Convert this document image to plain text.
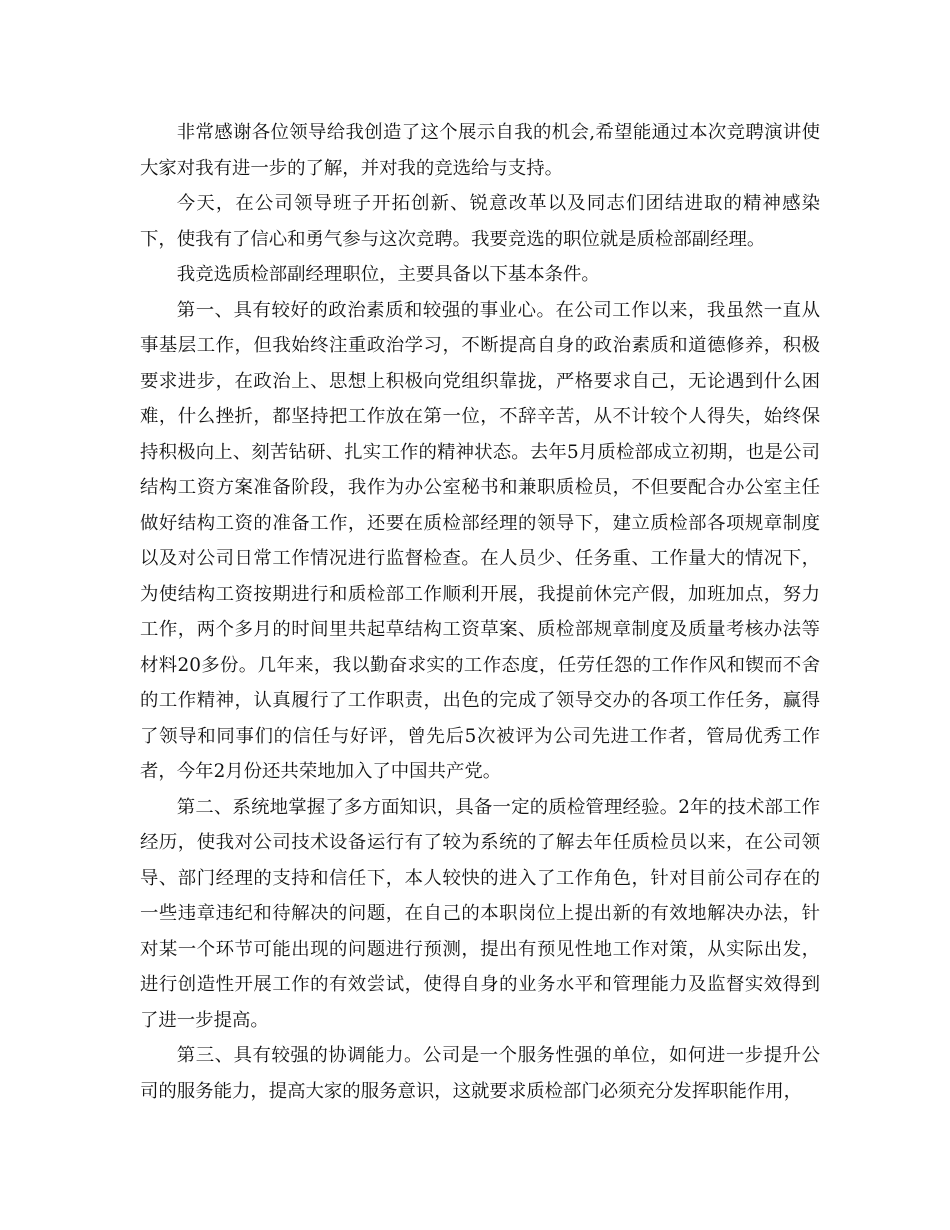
非常感谢各位领导给我创造了这个展示自我的机会,希望能通过本次竞聘演讲使大家对我有进一步的了解，并对我的竞选给与支持。

今天，在公司领导班子开拓创新、锐意改革以及同志们团结进取的精神感染下，使我有了信心和勇气参与这次竞聘。我要竞选的职位就是质检部副经理。

我竞选质检部副经理职位，主要具备以下基本条件。

第一、具有较好的政治素质和较强的事业心。在公司工作以来，我虽然一直从事基层工作，但我始终注重政治学习，不断提高自身的政治素质和道德修养，积极要求进步，在政治上、思想上积极向党组织靠拢，严格要求自己，无论遇到什么困难，什么挫折，都坚持把工作放在第一位，不辞辛苦，从不计较个人得失，始终保持积极向上、刻苦钻研、扎实工作的精神状态。去年5月质检部成立初期，也是公司结构工资方案准备阶段，我作为办公室秘书和兼职质检员，不但要配合办公室主任做好结构工资的准备工作，还要在质检部经理的领导下，建立质检部各项规章制度以及对公司日常工作情况进行监督检查。在人员少、任务重、工作量大的情况下，为使结构工资按期进行和质检部工作顺利开展，我提前休完产假，加班加点，努力工作，两个多月的时间里共起草结构工资草案、质检部规章制度及质量考核办法等材料20多份。几年来，我以勤奋求实的工作态度，任劳任怨的工作作风和锲而不舍的工作精神，认真履行了工作职责，出色的完成了领导交办的各项工作任务，赢得了领导和同事们的信任与好评，曾先后5次被评为公司先进工作者，管局优秀工作者，今年2月份还共荣地加入了中国共产党。

第二、系统地掌握了多方面知识，具备一定的质检管理经验。2年的技术部工作经历，使我对公司技术设备运行有了较为系统的了解去年任质检员以来，在公司领导、部门经理的支持和信任下，本人较快的进入了工作角色，针对目前公司存在的一些违章违纪和待解决的问题，在自己的本职岗位上提出新的有效地解决办法，针对某一个环节可能出现的问题进行预测，提出有预见性地工作对策，从实际出发，进行创造性开展工作的有效尝试，使得自身的业务水平和管理能力及监督实效得到了进一步提高。

第三、具有较强的协调能力。公司是一个服务性强的单位，如何进一步提升公司的服务能力，提高大家的服务意识，这就要求质检部门必须充分发挥职能作用，
